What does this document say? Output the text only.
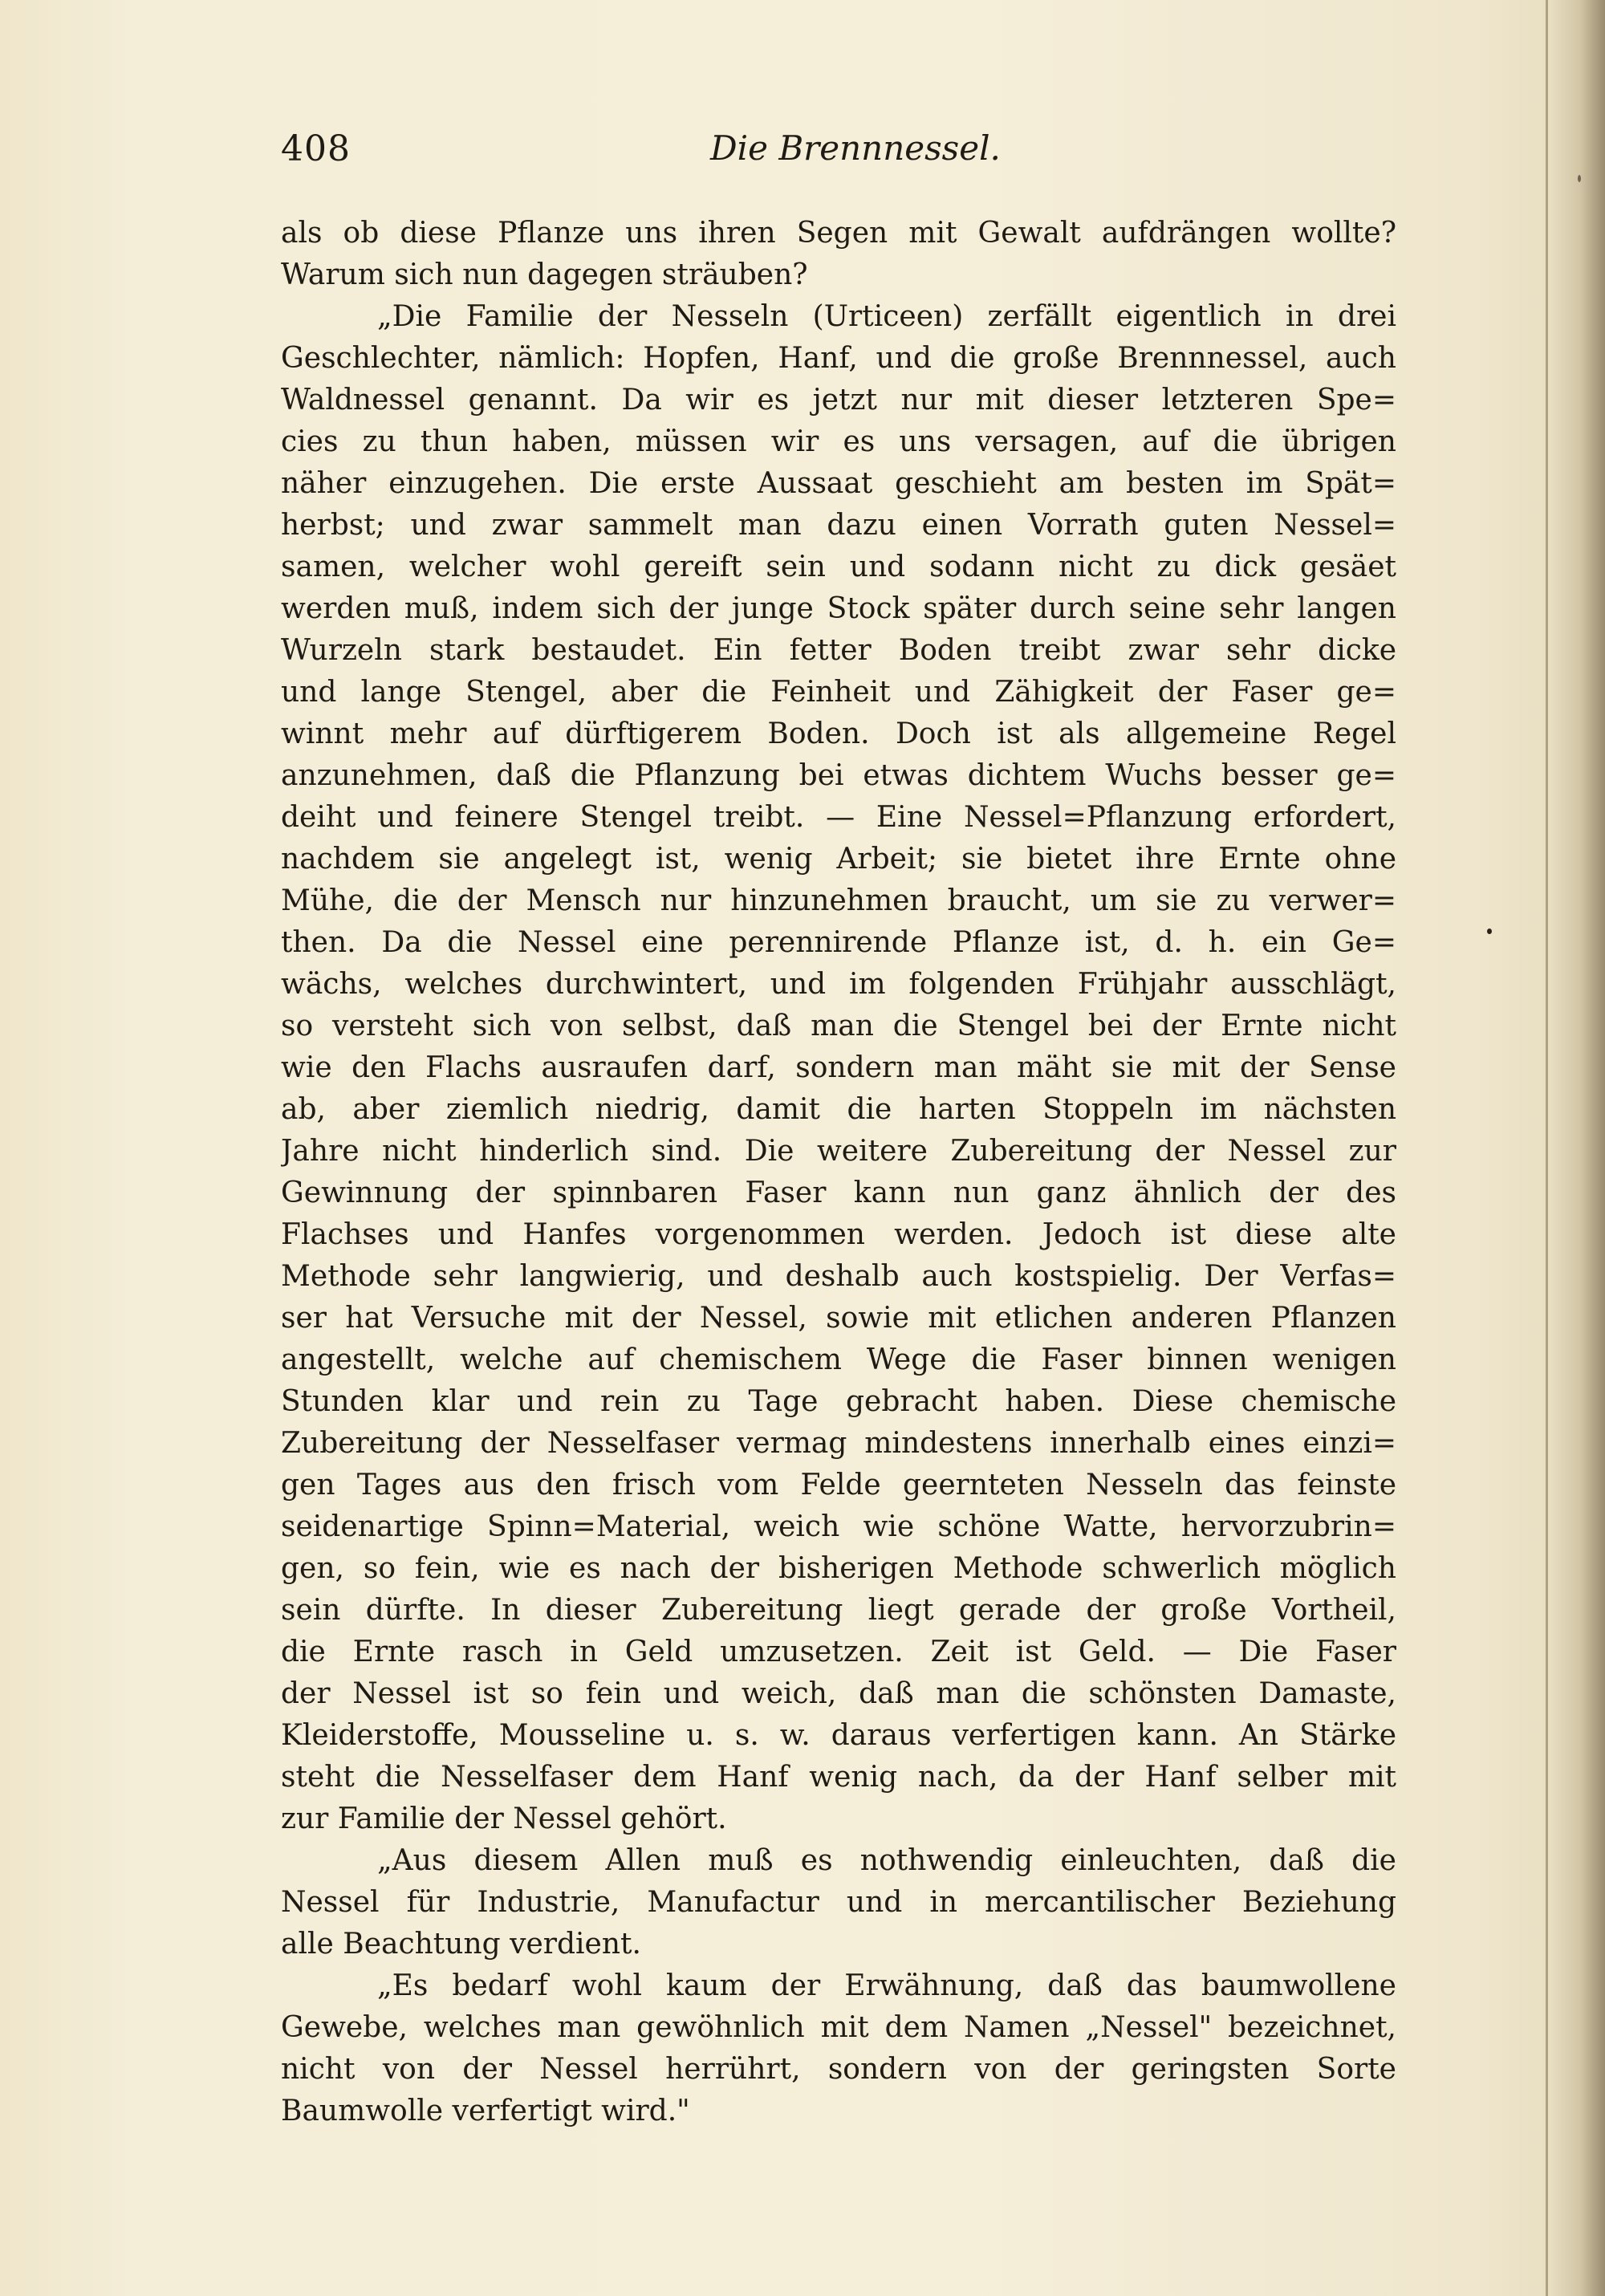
408	Die Brennnessel.
als ob diese Pflanze uns ihren Segen mit Gewalt aufdrängen wollte?
Warum sich nun dagegen sträuben?
„Die Familie der Nesseln (Urticeen) zerfällt eigentlich in drei
Geschlechter, nämlich: Hopfen, Hanf, und die große Brennnessel, auch
Waldnessel genannt. Da wir es jetzt nur mit dieser letzteren Spe=
cies zu thun haben, müssen wir es uns versagen, auf die übrigen
näher einzugehen. Die erste Aussaat geschieht am besten im Spät=
herbst; und zwar sammelt man dazu einen Vorrath guten Nessel=
samen, welcher wohl gereift sein und sodann nicht zu dick gesäet
werden muß, indem sich der junge Stock später durch seine sehr langen
Wurzeln stark bestaudet. Ein fetter Boden treibt zwar sehr dicke
und lange Stengel, aber die Feinheit und Zähigkeit der Faser ge=
winnt mehr auf dürftigerem Boden. Doch ist als allgemeine Regel
anzunehmen, daß die Pflanzung bei etwas dichtem Wuchs besser ge=
deiht und feinere Stengel treibt. — Eine Nessel=Pflanzung erfordert,
nachdem sie angelegt ist, wenig Arbeit; sie bietet ihre Ernte ohne
Mühe, die der Mensch nur hinzunehmen braucht, um sie zu verwer=
then. Da die Nessel eine perennirende Pflanze ist, d. h. ein Ge=
wächs, welches durchwintert, und im folgenden Frühjahr ausschlägt,
so versteht sich von selbst, daß man die Stengel bei der Ernte nicht
wie den Flachs ausraufen darf, sondern man mäht sie mit der Sense
ab, aber ziemlich niedrig, damit die harten Stoppeln im nächsten
Jahre nicht hinderlich sind. Die weitere Zubereitung der Nessel zur
Gewinnung der spinnbaren Faser kann nun ganz ähnlich der des
Flachses und Hanfes vorgenommen werden. Jedoch ist diese alte
Methode sehr langwierig, und deshalb auch kostspielig. Der Verfas=
ser hat Versuche mit der Nessel, sowie mit etlichen anderen Pflanzen
angestellt, welche auf chemischem Wege die Faser binnen wenigen
Stunden klar und rein zu Tage gebracht haben. Diese chemische
Zubereitung der Nesselfaser vermag mindestens innerhalb eines einzi=
gen Tages aus den frisch vom Felde geernteten Nesseln das feinste
seidenartige Spinn=Material, weich wie schöne Watte, hervorzubrin=
gen, so fein, wie es nach der bisherigen Methode schwerlich möglich
sein dürfte. In dieser Zubereitung liegt gerade der große Vortheil,
die Ernte rasch in Geld umzusetzen. Zeit ist Geld. — Die Faser
der Nessel ist so fein und weich, daß man die schönsten Damaste,
Kleiderstoffe, Mousseline u. s. w. daraus verfertigen kann. An Stärke
steht die Nesselfaser dem Hanf wenig nach, da der Hanf selber mit
zur Familie der Nessel gehört.
„Aus diesem Allen muß es nothwendig einleuchten, daß die
Nessel für Industrie, Manufactur und in mercantilischer Beziehung
alle Beachtung verdient.
„Es bedarf wohl kaum der Erwähnung, daß das baumwollene
Gewebe, welches man gewöhnlich mit dem Namen „Nessel" bezeichnet,
nicht von der Nessel herrührt, sondern von der geringsten Sorte
Baumwolle verfertigt wird."
